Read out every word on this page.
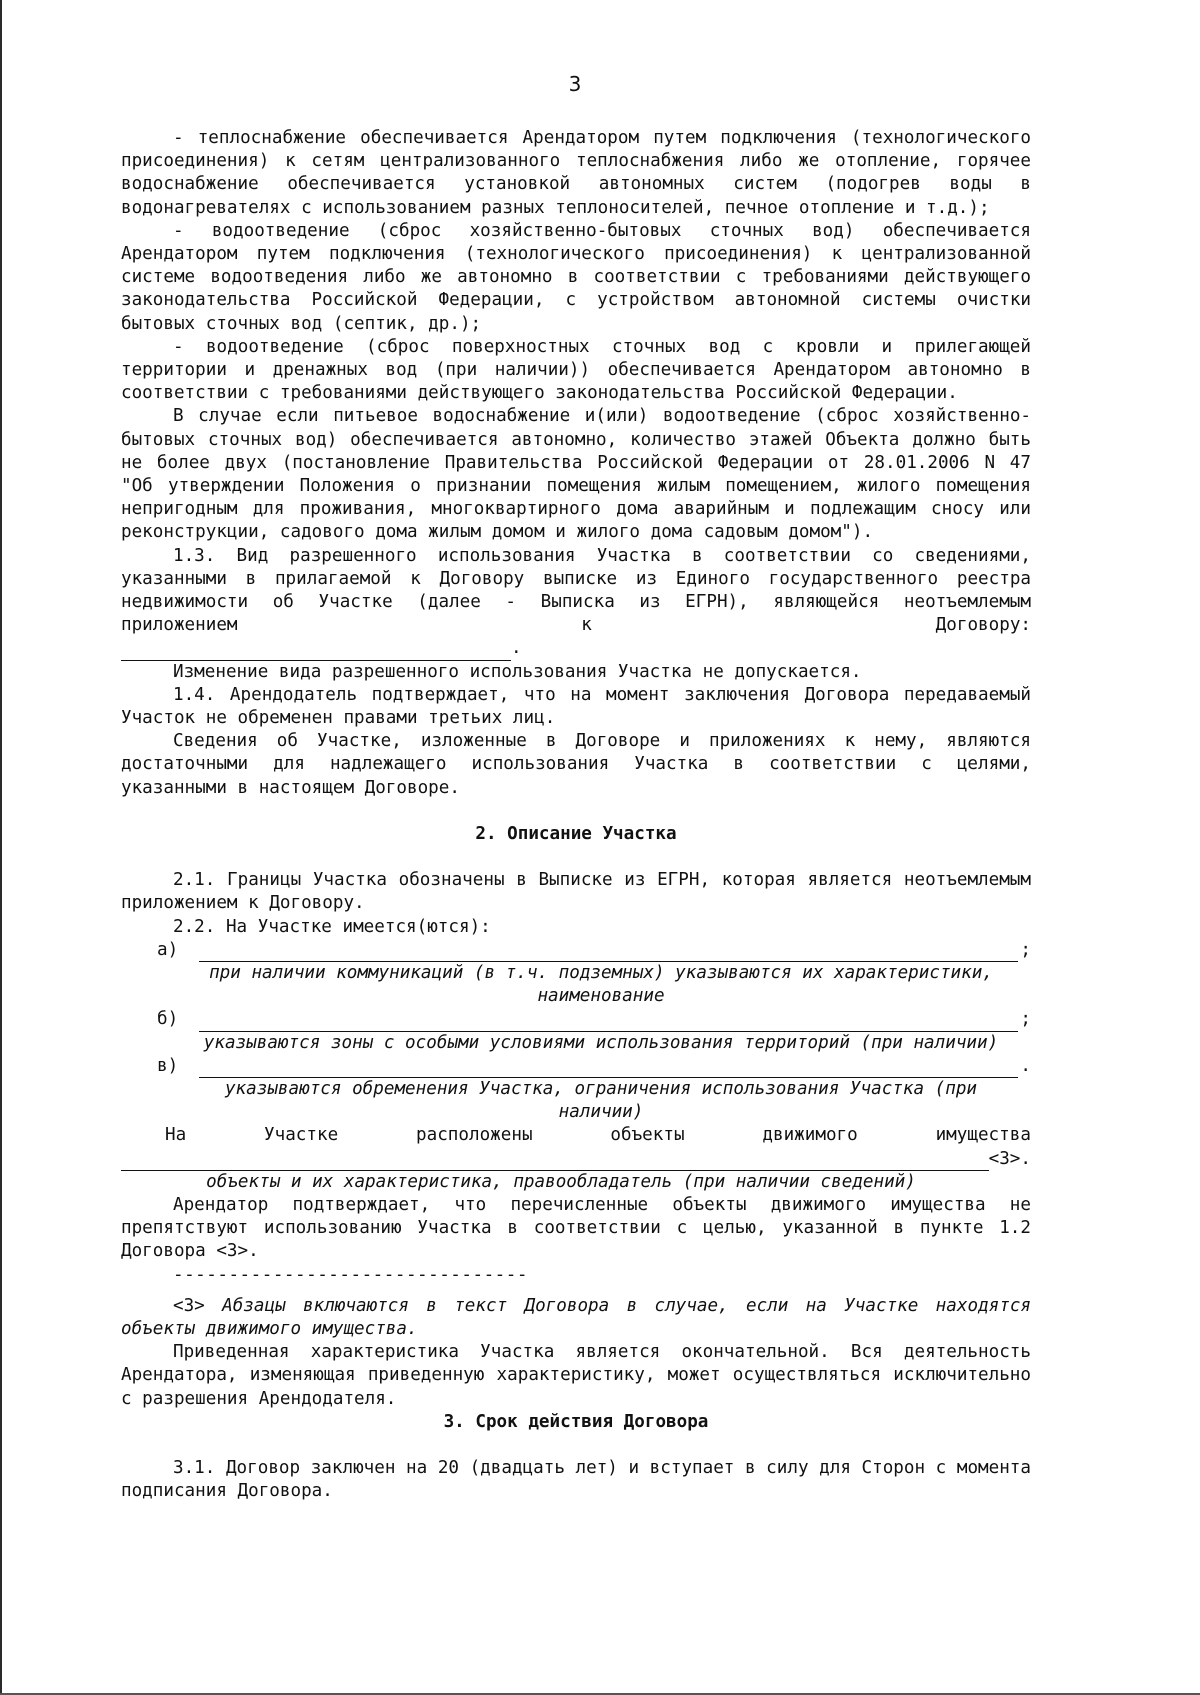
3

- теплоснабжение обеспечивается Арендатором путем подключения (технологического присоединения) к сетям централизованного теплоснабжения либо же отопление, горячее водоснабжение обеспечивается установкой автономных систем (подогрев воды в водонагревателях с использованием разных теплоносителей, печное отопление и т.д.);

- водоотведение (сброс хозяйственно-бытовых сточных вод) обеспечивается Арендатором путем подключения (технологического присоединения) к централизованной системе водоотведения либо же автономно в соответствии с требованиями действующего законодательства Российской Федерации, с устройством автономной системы очистки бытовых сточных вод (септик, др.);

- водоотведение (сброс поверхностных сточных вод с кровли и прилегающей территории и дренажных вод (при наличии)) обеспечивается Арендатором автономно в соответствии с требованиями действующего законодательства Российской Федерации.

В случае если питьевое водоснабжение и(или) водоотведение (сброс хозяйственно-бытовых сточных вод) обеспечивается автономно, количество этажей Объекта должно быть не более двух (постановление Правительства Российской Федерации от 28.01.2006 N 47 "Об утверждении Положения о признании помещения жилым помещением, жилого помещения непригодным для проживания, многоквартирного дома аварийным и подлежащим сносу или реконструкции, садового дома жилым домом и жилого дома садовым домом").

1.3. Вид разрешенного использования Участка в соответствии со сведениями, указанными в прилагаемой к Договору выписке из Единого государственного реестра недвижимости об Участке (далее - Выписка из ЕГРН), являющейся неотъемлемым приложением к Договору:

.

Изменение вида разрешенного использования Участка не допускается.

1.4. Арендодатель подтверждает, что на момент заключения Договора передаваемый Участок не обременен правами третьих лиц.

Сведения об Участке, изложенные в Договоре и приложениях к нему, являются достаточными для надлежащего использования Участка в соответствии с целями, указанными в настоящем Договоре.

2. Описание Участка

2.1. Границы Участка обозначены в Выписке из ЕГРН, которая является неотъемлемым приложением к Договору.

2.2. На Участке имеется(ются):

а)	;

при наличии коммуникаций (в т.ч. подземных) указываются их характеристики, наименование

б)	;

указываются зоны с особыми условиями использования территорий (при наличии)

в)	.

указываются обременения Участка, ограничения использования Участка (при наличии)

На	Участке	расположены	объекты	движимого	имущества
<3>.

объекты и их характеристика, правообладатель (при наличии сведений)

Арендатор подтверждает, что перечисленные объекты движимого имущества не препятствуют использованию Участка в соответствии с целью, указанной в пункте 1.2 Договора <3>.

--------------------------------

<3> Абзацы включаются в текст Договора в случае, если на Участке находятся объекты движимого имущества.

Приведенная характеристика Участка является окончательной. Вся деятельность Арендатора, изменяющая приведенную характеристику, может осуществляться исключительно с разрешения Арендодателя.

3. Срок действия Договора

3.1. Договор заключен на 20 (двадцать лет) и вступает в силу для Сторон с момента подписания Договора.
